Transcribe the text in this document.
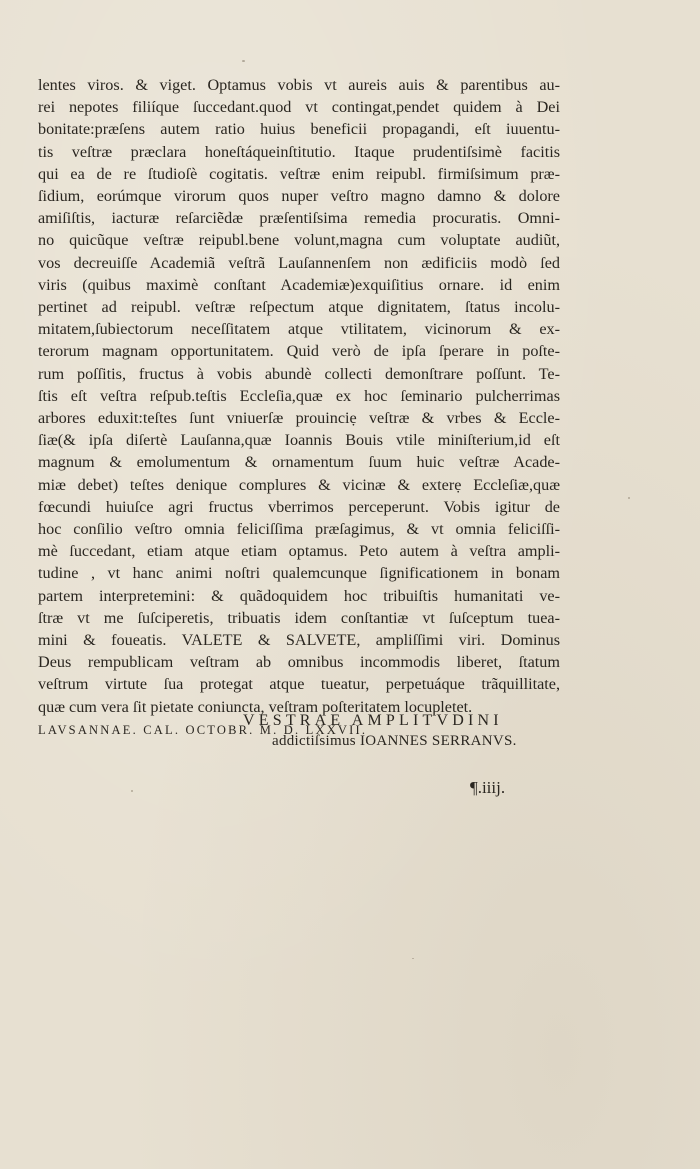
lentes viros. & viget. Optamus vobis vt aureis auis & parentibus au-
rei nepotes filiíque ſuccedant.quod vt contingat,pendet quidem à Dei
bonitate:præſens autem ratio huius beneficii propagandi, eſt iuuentu-
tis veſtræ præclara honeſtáqueinſtitutio. Itaque prudentiſsimè facitis
qui ea de re ſtudioſè cogitatis. veſtræ enim reipubl. firmiſsimum præ-
ſidium, eorúmque virorum quos nuper veſtro magno damno & dolore
amiſiſtis, iacturæ reſarciẽdæ præſentiſsima remedia procuratis. Omni-
no quicũque veſtræ reipubl.bene volunt,magna cum voluptate audiũt,
vos decreuiſſe Academiã veſtrã Lauſannenſem non ædificiis modò ſed
viris (quibus maximè conſtant Academiæ)exquiſitius ornare. id enim
pertinet ad reipubl. veſtræ reſpectum atque dignitatem, ſtatus incolu-
mitatem,ſubiectorum neceſſitatem atque vtilitatem, vicinorum & ex-
terorum magnam opportunitatem. Quid verò de ipſa ſperare in poſte-
rum poſſitis, fructus à vobis abundè collecti demonſtrare poſſunt. Te-
ſtis eſt veſtra reſpub.teſtis Eccleſia,quæ ex hoc ſeminario pulcherrimas
arbores eduxit:teſtes ſunt vniuerſæ prouinciẹ veſtræ & vrbes & Eccle-
ſiæ(& ipſa diſertè Lauſanna,quæ Ioannis Bouis vtile miniſterium,id eſt
magnum & emolumentum & ornamentum ſuum huic veſtræ Acade-
miæ debet) teſtes denique complures & vicinæ & exterẹ Eccleſiæ,quæ
fœcundi huiuſce agri fructus vberrimos perceperunt. Vobis igitur de
hoc conſilio veſtro omnia feliciſſima præſagimus, & vt omnia feliciſſi-
mè ſuccedant, etiam atque etiam optamus. Peto autem à veſtra ampli-
tudine , vt hanc animi noſtri qualemcunque ſignificationem in bonam
partem interpretemini: & quãdoquidem hoc tribuiſtis humanitati ve-
ſtræ vt me ſuſciperetis, tribuatis idem conſtantiæ vt ſuſceptum tuea-
mini & foueatis. VALETE & SALVETE, ampliſſimi viri. Dominus
Deus rempublicam veſtram ab omnibus incommodis liberet, ſtatum
veſtrum virtute ſua protegat atque tueatur, perpetuáque trãquillitate,
quæ cum vera ſit pietate coniuncta, veſtram poſteritatem locupletet.
LAVSANNAE. CAL. OCTOBR. M. D. LXXVII.
VESTRAE AMPLITVDINI
addictiſsimus IOANNES SERRANVS.
¶.iiij.
